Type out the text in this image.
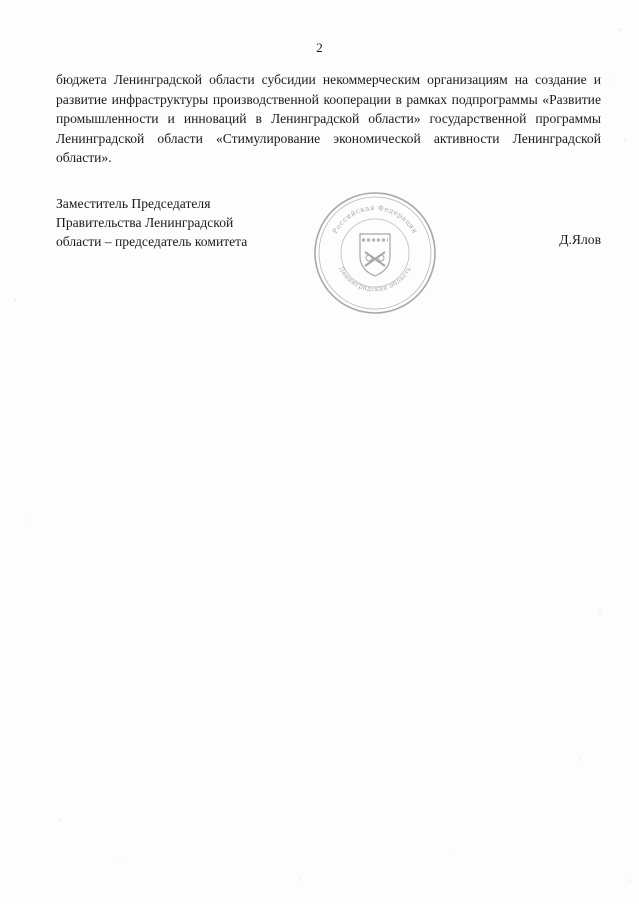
2

бюджета Ленинградской области субсидии некоммерческим организациям на создание и развитие инфраструктуры производственной кооперации в рамках подпрограммы «Развитие промышленности и инноваций в Ленинградской области» государственной программы Ленинградской области «Стимулирование экономической активности Ленинградской области».

Заместитель Председателя
Правительства Ленинградской
области – председатель комитета
Российская Федерация
Ленинградская область
Д.Ялов
